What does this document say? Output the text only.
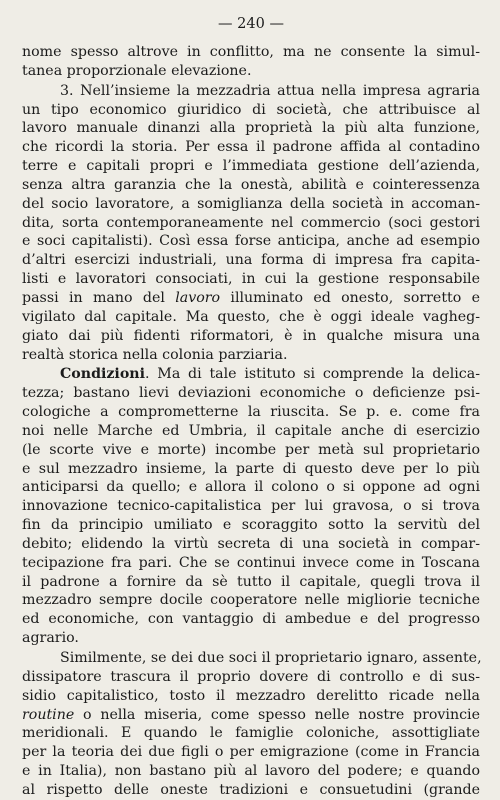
— 240 —
nome spesso altrove in conflitto, ma ne consente la simul-
tanea proporzionale elevazione.
3. Nell’insieme la mezzadria attua nella impresa agraria
un tipo economico giuridico di società, che attribuisce al
lavoro manuale dinanzi alla proprietà la più alta funzione,
che ricordi la storia. Per essa il padrone affida al contadino
terre e capitali propri e l’immediata gestione dell’azienda,
senza altra garanzia che la onestà, abilità e cointeressenza
del socio lavoratore, a somiglianza della società in accoman-
dita, sorta contemporaneamente nel commercio (soci gestori
e soci capitalisti). Così essa forse anticipa, anche ad esempio
d’altri esercizi industriali, una forma di impresa fra capita-
listi e lavoratori consociati, in cui la gestione responsabile
passi in mano del lavoro illuminato ed onesto, sorretto e
vigilato dal capitale. Ma questo, che è oggi ideale vagheg-
giato dai più fidenti riformatori, è in qualche misura una
realtà storica nella colonia parziaria.
Condizioni. Ma di tale istituto si comprende la delica-
tezza; bastano lievi deviazioni economiche o deficienze psi-
cologiche a comprometterne la riuscita. Se p. e. come fra
noi nelle Marche ed Umbria, il capitale anche di esercizio
(le scorte vive e morte) incombe per metà sul proprietario
e sul mezzadro insieme, la parte di questo deve per lo più
anticiparsi da quello; e allora il colono o si oppone ad ogni
innovazione tecnico-capitalistica per lui gravosa, o si trova
fin da principio umiliato e scoraggito sotto la servitù del
debito; elidendo la virtù secreta di una società in compar-
tecipazione fra pari. Che se continui invece come in Toscana
il padrone a fornire da sè tutto il capitale, quegli trova il
mezzadro sempre docile cooperatore nelle migliorie tecniche
ed economiche, con vantaggio di ambedue e del progresso
agrario.
Similmente, se dei due soci il proprietario ignaro, assente,
dissipatore trascura il proprio dovere di controllo e di sus-
sidio capitalistico, tosto il mezzadro derelitto ricade nella
routine o nella miseria, come spesso nelle nostre provincie
meridionali. E quando le famiglie coloniche, assottigliate
per la teoria dei due figli o per emigrazione (come in Francia
e in Italia), non bastano più al lavoro del podere; e quando
al rispetto delle oneste tradizioni e consuetudini (grande
